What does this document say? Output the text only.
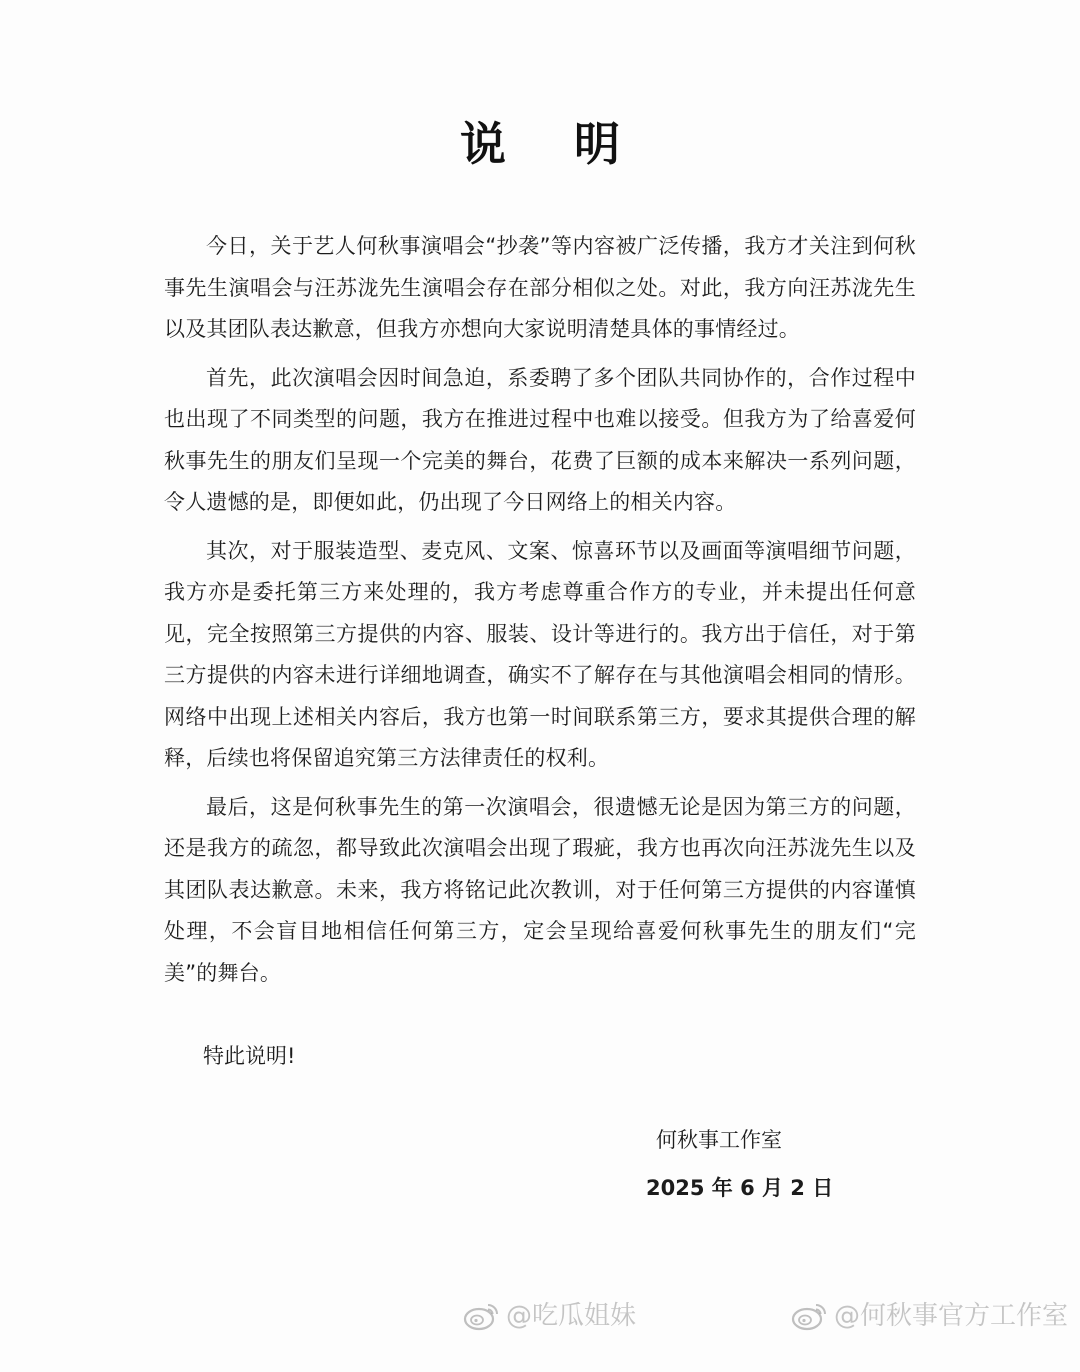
说 明

今日，关于艺人何秋事演唱会“抄袭”等内容被广泛传播，我方才关注到何秋事先生演唱会与汪苏泷先生演唱会存在部分相似之处。对此，我方向汪苏泷先生以及其团队表达歉意，但我方亦想向大家说明清楚具体的事情经过。

首先，此次演唱会因时间急迫，系委聘了多个团队共同协作的，合作过程中也出现了不同类型的问题，我方在推进过程中也难以接受。但我方为了给喜爱何秋事先生的朋友们呈现一个完美的舞台，花费了巨额的成本来解决一系列问题，令人遗憾的是，即便如此，仍出现了今日网络上的相关内容。

其次，对于服装造型、麦克风、文案、惊喜环节以及画面等演唱细节问题，我方亦是委托第三方来处理的，我方考虑尊重合作方的专业，并未提出任何意见，完全按照第三方提供的内容、服装、设计等进行的。我方出于信任，对于第三方提供的内容未进行详细地调查，确实不了解存在与其他演唱会相同的情形。网络中出现上述相关内容后，我方也第一时间联系第三方，要求其提供合理的解释，后续也将保留追究第三方法律责任的权利。

最后，这是何秋事先生的第一次演唱会，很遗憾无论是因为第三方的问题，还是我方的疏忽，都导致此次演唱会出现了瑕疵，我方也再次向汪苏泷先生以及其团队表达歉意。未来，我方将铭记此次教训，对于任何第三方提供的内容谨慎处理，不会盲目地相信任何第三方，定会呈现给喜爱何秋事先生的朋友们“完美”的舞台。

特此说明!
何秋事工作室
2025 年 6 月 2 日
@吃瓜姐妹	@何秋事官方工作室
